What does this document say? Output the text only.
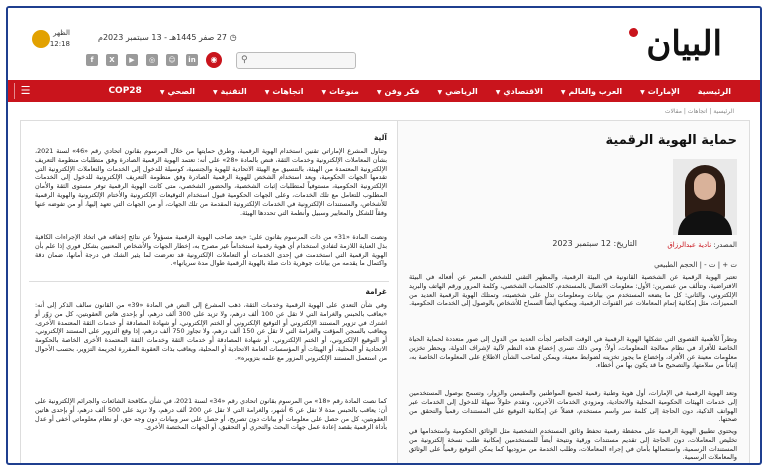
البيان
الظهر
12:18
◷ 27 صفر 1445هـ - 13 سبتمبر 2023م
f	X	▶	◎	☺	in	◉	⚲
الرئيسية
الإمارات▼
العرب والعالم▼
الاقتصادي▼
الرياضي▼
فكر وفن▼
منوعات▼
اتجاهات▼
التقنية▼
الصحي▼
COP28
☰
الرئيسية | اتجاهات | مقالات
حماية الهوية الرقمية
المصدر: نادية عبدالرزاق
التاريخ: 12 سبتمبر 2023
ت + | ت - | الحجم الطبيعي

تعتبر الهوية الرقمية عن الشخصية القانونية في البيئة الرقمية، والمظهر التقني للشخص المعبر عن أفعاله في البيئة الافتراضية، وتتألف من عنصرين: الأول: معلومات الاتصال بالمستخدم، كالحساب الشخصي، وكلمة المرور ورقم الهاتف والبريد الإلكتروني، والثاني: كل ما يضعه المستخدم من بيانات ومعلومات تدل على شخصيته، وتمتلك الهوية الرقمية العديد من المميزات، مثل إمكانية إتمام المعاملات عبر القنوات الرقمية، ويمكنها أيضاً السماح للأشخاص بالوصول إلى الخدمات الحكومية.

ونظراً للأهمية القصوى التي تشكلها الهوية الرقمية في الوقت الحاضر لجأت العديد من الدول إلى صور متعددة لحماية الحياة الخاصة للأفراد في نظام معالجة المعلومات، أولاً: ومن ذلك تسري إخضاع هذه النظم لآلية لإشراف الدولة، ويحظر تخزين معلومات معينة عن الأفراد، وإخضاع ما يجوز تخزينه لضوابط معينة، ويمكن لصاحب الشأن الاطلاع على المعلومات الخاصة به، إثباتاً من سلامتها، والتصحيح ما قد يكون بها من أخطاء.

وتعد الهوية الرقمية في الإمارات، أول هوية وطنية رقمية لجميع المواطنين والمقيمين والزوار، وتسمح بوصول المستخدمين إلى خدمات الهيئات الحكومية المحلية والاتحادية، ومزودي الخدمات الآخرين، وتقدم حلولاً سهلة للدخول إلى الخدمات عبر الهواتف الذكية، دون الحاجة إلى كلمة سر واسم مستخدم، فضلاً عن إمكانية التوقيع على المستندات رقمياً والتحقق من صحتها.

ويحتوي تطبيق الهوية الرقمية على محفظة رقمية تحفظ وثائق المستخدم الشخصية مثل الوثائق الحكومية واستخدامها في تخليص المعاملات، دون الحاجة إلى تقديم مستندات ورقية ونتيحة أيضاً للمستخدمين إمكانية طلب نسخة إلكترونية من المستندات الرسمية، واستعمالها بأمان في إجراء المعاملات، وطلب الخدمة من مزوديها كما يمكن التوقيع رقمياً على الوثائق والمعاملات الرسمية.

آلية

وتناول المشرع الإماراتي تقنين استخدام الهوية الرقمية، وطرق حمايتها من خلال المرسوم بقانون اتحادي رقم «46» لسنة 2021، بشأن المعاملات الإلكترونية وخدمات الثقة، فنص بالمادة «28» على أنه: تعتمد الهوية الرقمية الصادرة وفق متطلبات منظومة التعريف الإلكترونية المعتمدة من الهيئة، بالتنسيق مع الهيئة الاتحادية للهوية والجنسية، كوسيلة للدخول إلى الخدمات والتعاملات الإلكترونية التي تقدمها الجهات الحكومية، ويعد استخدام الشخص للهوية الرقمية الصادرة وفق منظومة التعريف الإلكترونية للدخول إلى الخدمات الإلكترونية الحكومية، مستوفياً لمتطلبات إثبات الشخصية، والحضور الشخصي، متى كانت الهوية الرقمية توفر مستوى الثقة والأمان المطلوب للتعامل مع تلك الخدمات، وعلى الجهات الحكومية قبول استخدام التوقيعات الإلكترونية والأختام الإلكترونية والهوية الرقمية للأشخاص، والمستندات الإلكترونية في الخدمات الإلكترونية المقدمة من تلك الجهات، أو من الجهات التي تعهد إليها، أو من تفوضه عنها وفقاً للشكل والمعايير وسبيل وأنظمة التي تحددها الهيئة.

ونصت المادة «31» من ذات المرسوم بقانون على: «يعد صاحب الهوية الرقمية مسؤولاً عن نتائج إخفاقه في اتخاذ الإجراءات الكافية بذل العناية اللازمة لتفادي استخدام أي هوية رقمية استخداماً غير مصرح به، إخطار الجهات والأشخاص المعنيين بشكل فوري إذا علم بأن الهوية الرقمية التي استخدمت في إحدى الخدمات أو التعاملات الإلكترونية قد تعرضت لما يثير الشك في درجة أمانها، ضمان دقة واكتمال ما يقدمه من بيانات جوهرية ذات صلة بالهوية الرقمية طوال مدة سريانها».

غرامة

وفي شأن التعدي على الهوية الرقمية وخدمات الثقة، ذهب المشرع إلى النص في المادة «39» من القانون سالف الذكر إلى أنه: «يعاقب بالحبس والغرامة التي لا تقل عن 100 ألف درهم، ولا تزيد على 300 ألف درهم، أو بإحدى هاتين العقوبتين، كل من زوّر أو اشترك في تزوير المستند الإلكتروني أو التوقيع الإلكتروني أو الختم الإلكتروني، أو شهادة المصادقة أو خدمات الثقة المعتمدة الأخرى، ويعاقب بالسجن المؤقت والغرامة التي لا تقل عن 150 ألف درهم، ولا تجاوز 750 ألف درهم، إذا وقع التزوير على المستند الإلكتروني، أو التوقيع الإلكتروني، أو الختم الإلكتروني، أو شهادة المصادقة أو خدمات الثقة وخدمات الثقة المعتمدة الأخرى الخاصة بالحكومة الاتحادية أو المحلية، أو الهيئات أو المؤسسات العامة الاتحادية أو المحلية، ويعاقب بذات العقوبة المقررة لجريمة التزوير، بحسب الأحوال من استعمل المستند الإلكتروني المزور مع علمه بتزويره».

كما نصت المادة رقم «18» من المرسوم بقانون اتحادي رقم «34» لسنة 2021، في شأن مكافحة الشائعات والجرائم الإلكترونية على أن: يعاقب بالحبس مدة لا تقل عن 6 أشهر، والغرامة التي لا تقل عن 200 ألف درهم، ولا تزيد على 500 ألف درهم، أو بإحدى هاتين العقوبتين، كل من حصل على معلومات أو بيانات دون تصريح، أو حصل على سر وبيانات دون وجه حق، أو نظام معلوماتي أخفى أو عدل بأداة الرقمية بقصد إعادة عمل جهات البحث والتحري أو التحقيق، أو الجهات المختصة الأخرى.
